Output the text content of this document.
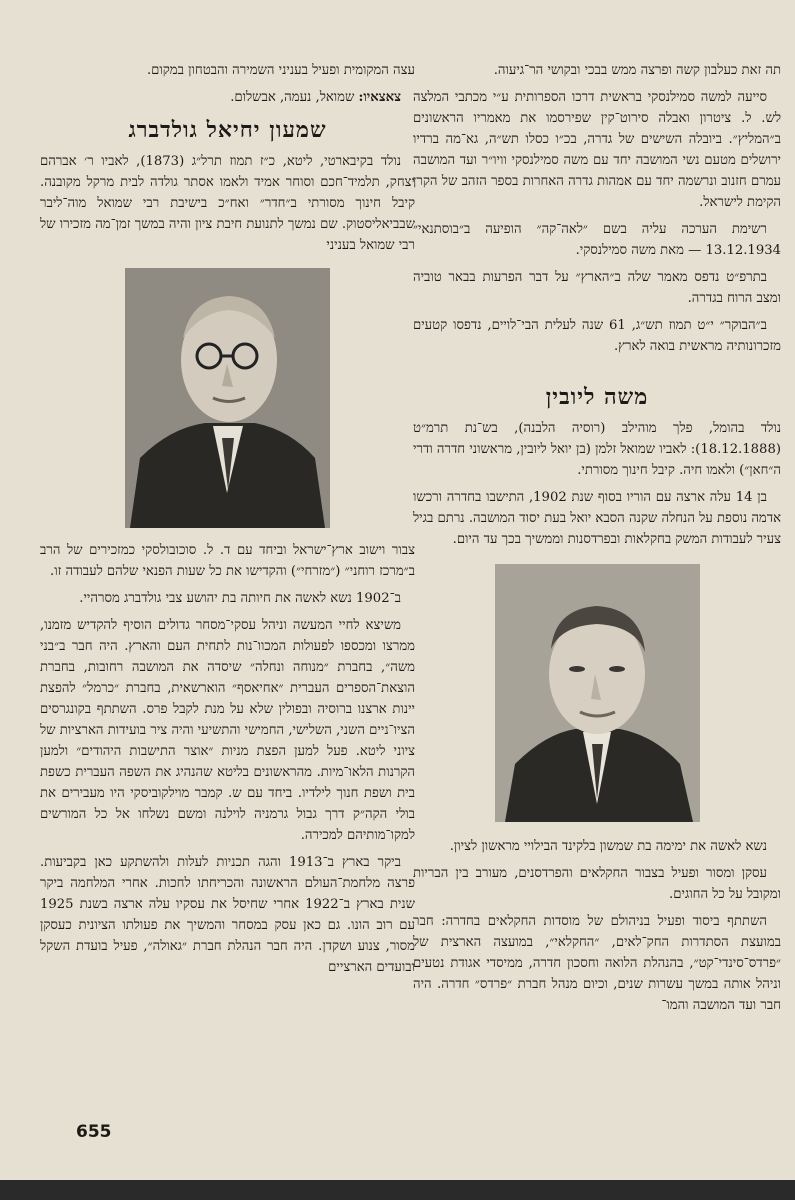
תה זאת כעלבון קשה ופרצה ממש בבכי ובקושי הר־גיעוה.

סייעה למשה סמילנסקי בראשית דרכו הספרותית ע״י מכתבי המלצה לש. ל. ציטרון ואבלה סירוט־קין שפירסמו את מאמריו הראשונים ב״המליץ״. ביובלה השישים של גדרה, בכ״ו כסלו תש״ה, גא־מה ברדיו ירושלים מטעם נשי המושבה יחד עם משה סמילנסקי וויו״ר ועד המושבה עמרם חזנוב ונרשמה יחד עם אמהות גדרה האחרות בספר הזהב של הקרן הקימת לישראל.

רשימת הערכה עליה בשם ״לאה־קה״ הופיעה ב״בוסתנאי״ 13.12.1934 — מאת משה סמילנסקי.

בתרפ״ט נדפס מאמר שלה ב״הארץ״ על דבר הפרעות בבאר טוביה ומצב הרוח בגדרה.

ב״הבוקר״ י״ט תמוז תש״ג, 61 שנה לעלית הבי־לויים, נדפסו קטעים מזכרונותיה מראשית בואה לארץ.

משה ליובין

נולד בהומל, פלך מוהילב (רוסיה הלבנה), בש־נת תרמ״ט (18.12.1888): לאביו שמואל זלמן (בן יואל ליובין, מראשוני חדרה ודרי ה״חאן״) ולאמו חיה. קיבל חינוך מסורתי.

בן 14 עלה ארצה עם הוריו בסוף שנת 1902, התישבו בחדרה ורכשו אדמה נוספת על הנחלה שקנה הסבא יואל בעת יסוד המושבה. נרתם בגיל צעיר לעבודות המשק בחקלאות ובפרדסנות וממשיך בכך עד היום.

נשא לאשה את ימימה בת שמשון בלקינד הבילויי מראשון לציון.

עסקן ומסור ופעיל בצבור החקלאים והפרדסנים, מעורב בין הבריות ומקובל על כל החוגים.

השתתף ביסוד ופעיל בניהולם של מוסדות החקלאים בחדרה: חבר במועצת הסתדרות החק־לאים, ״החקלאי״, במועצה הארצית של ״פרדס־סינדי־קט״, בהנהלת הלואה וחסכון חדרה, ממיסדי אגודת נטעים וניהל אותה במשך עשרות שנים, וכיום מנהל חברת ״פרדס״ חדרה. היה חבר ועד המושבה והמו־

עצה המקומית ופעיל בעניני השמירה והבטחון במקום.

צאצאיו: שמואל, נעמה, אבשלום.

שמעון יחיאל גולדברג

נולד בקיבארטי, ליטא, כ״ז תמוז תרל״ג (1873), לאביו ר׳ אברהם יצחק, תלמיד־חכם וסוחר אמיד ולאמו אסתר גולדה לבית מרקל מקובנה. קיבל חינוך מסורתי ב״חדר״ ואח״כ בישיבת רבי שמואל מוה־ליבר שבביאליסטוק. שם נמשך לתנועת חיבת ציון והיה במשך זמן־מה מזכירו של רבי שמואל בעניני

צבור וישוב ארץ־ישראל וביחד עם ד. ל. סוכובולסקי כמזכירים של הרב ב״מרכז רוחני״ (״מזרחי״) והקדישו את כל שעות הפנאי שלהם לעבודה זו.

ב־1902 נשא לאשה את חיותה בת יהושע צבי גולדברג מסרהיי.

משיצא לחיי המעשה וניהל עסקי־מסחר גדולים הוסיף להקדיש מזמנו, ממרצו ומכספו לפעולות המכוו־נות לתחית העם והארץ. היה חבר ב״בני משה״, בחברת ״מנוחה ונחלה״ שיסדה את המושבה רחובות, בחברת הוצאת־הספרים העברית ״אחיאסף״ הוארשאית, בחברת ״כרמל״ להפצת יינות ארצנו ברוסיה ובפולין שלא על מנת לקבל פרס. השתתף בקונגרסים הציו־ניים השני, השלישי, החמישי והתשיעי והיה ציר בועידות הארציות של ציוני ליטא. פעל למען הפצת מניות ״אוצר התישבות היהודים״ ולמען הקרנות הלאו־מיות. מהראשונים בליטא שהנהיג את השפה העברית כשפת בית ושפת חנוך לילדיו. ביחד עם ש. קמבר מוילקוביסקי היו מעבירים את בולי הקה״ק דרך גבול גרמניה לוילנה ומשם נשלחו אל כל המורשים למקו־מותיהם למכירה.

ביקר בארץ ב־1913 והגה תכניות לעלות ולהשתקע כאן בקביעות. פרצה מלחמת־העולם הראשונה והכריחתו לחכות. אחרי המלחמה ביקר שנית בארץ ב־1922 אחרי שחיסל את עסקיו עלה ארצה בשנת 1925 עם רוב הונו. גם כאן עסק במסחר והמשיך את פעולתו הציונית כעסקן מסור, צנוע ושקדן. היה חבר הנהלת חברת ״גאולה״, פעיל בועדת השקל ובועדים הארציים

655
